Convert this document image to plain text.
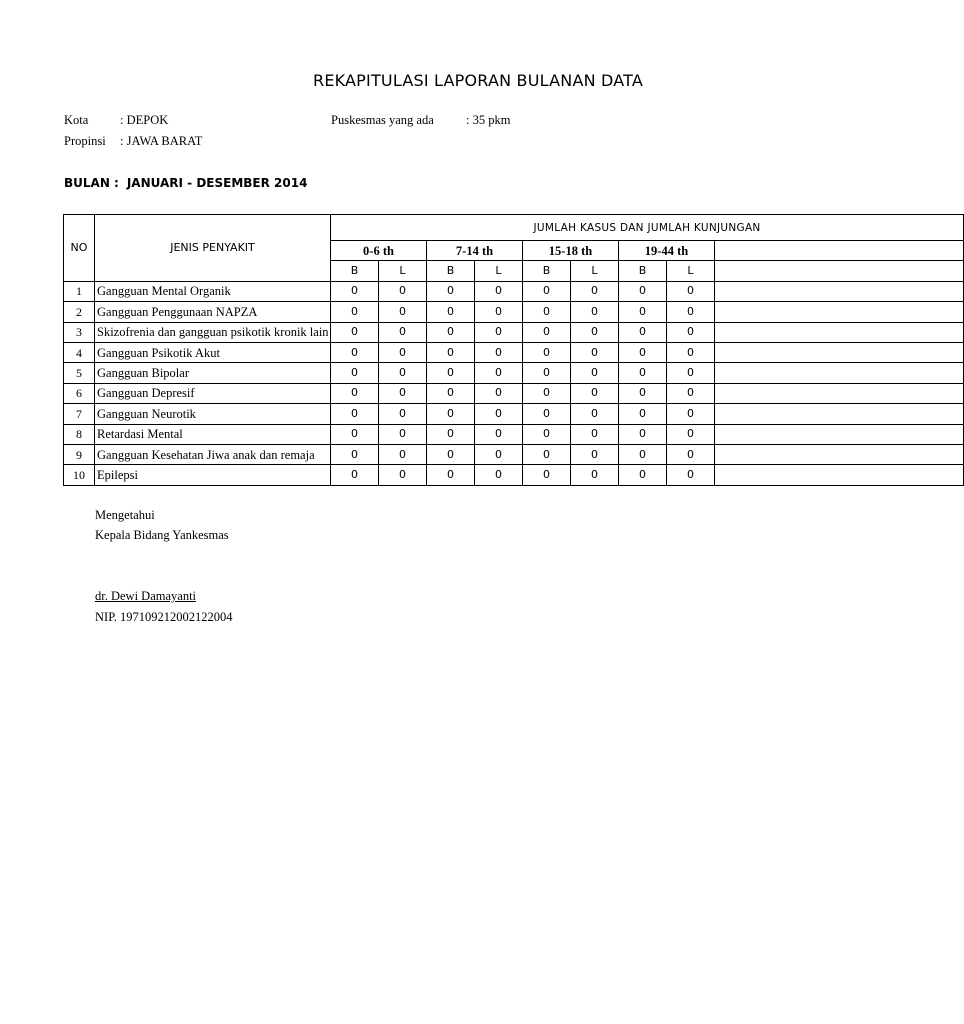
REKAPITULASI LAPORAN BULANAN DATA
Kota	: DEPOK	Puskesmas yang ada	: 35 pkm
Propinsi : JAWA BARAT
BULAN : JANUARI - DESEMBER 2014
NO	JENIS PENYAKIT	JUMLAH KASUS DAN JUMLAH KUNJUNGAN								
		0-6 th		7-14 th		15-18 th		19-44 th		
		B	L	B	L	B	L	B	L	
1	Gangguan Mental Organik	0	0	0	0	0	0	0	0	
2	Gangguan Penggunaan NAPZA	0	0	0	0	0	0	0	0	
3	Skizofrenia dan gangguan psikotik kronik lain	0	0	0	0	0	0	0	0	
4	Gangguan Psikotik Akut	0	0	0	0	0	0	0	0	
5	Gangguan Bipolar	0	0	0	0	0	0	0	0	
6	Gangguan Depresif	0	0	0	0	0	0	0	0	
7	Gangguan Neurotik	0	0	0	0	0	0	0	0	
8	Retardasi Mental	0	0	0	0	0	0	0	0	
9	Gangguan Kesehatan Jiwa anak dan remaja	0	0	0	0	0	0	0	0	
10	Epilepsi	0	0	0	0	0	0	0	0	
Mengetahui
Kepala Bidang Yankesmas
dr. Dewi Damayanti
NIP. 197109212002122004
